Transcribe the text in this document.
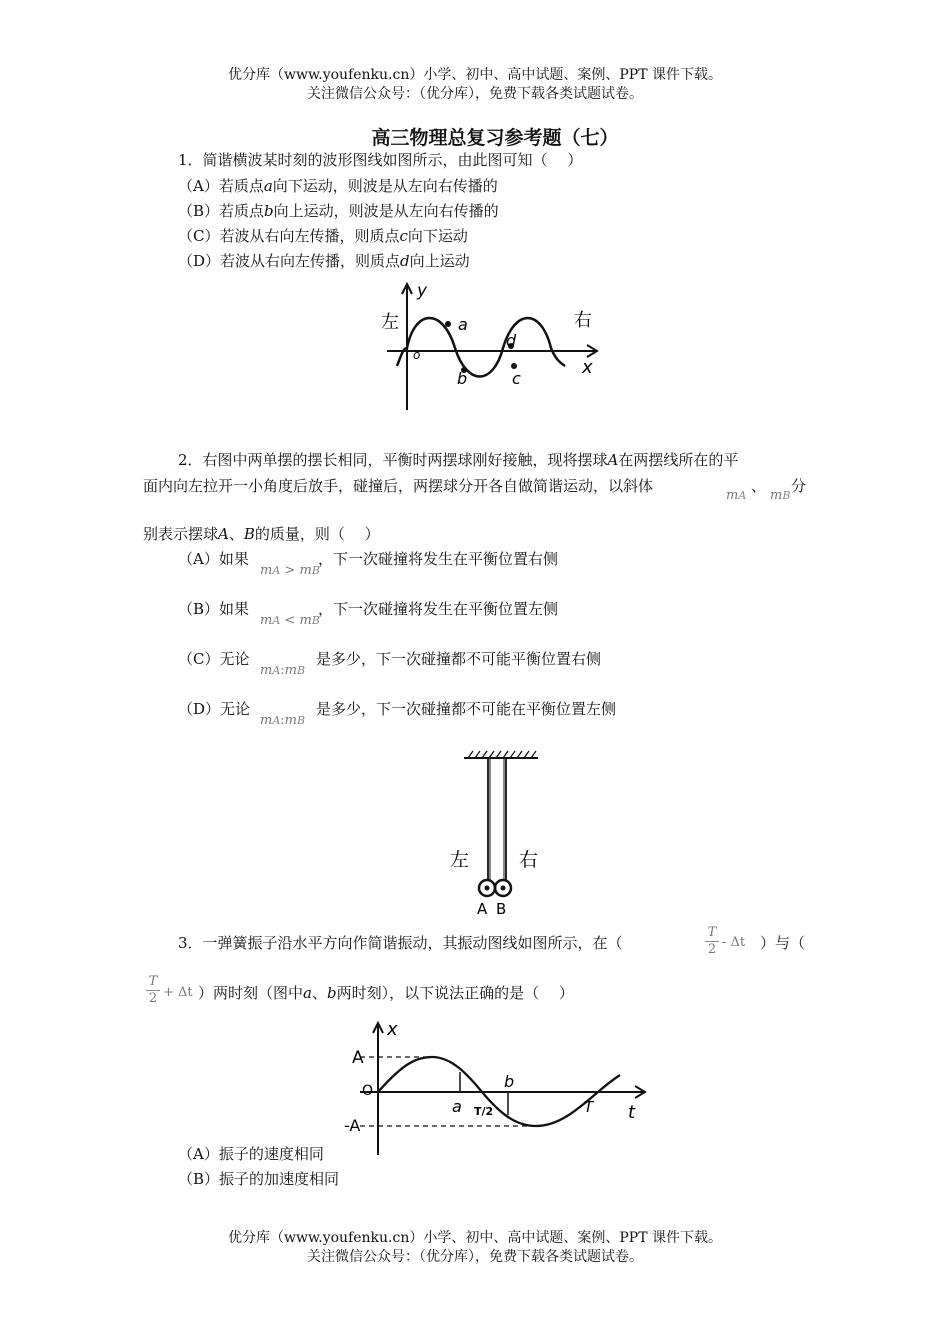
优分库（www.youfenku.cn）小学、初中、高中试题、案例、PPT 课件下载。
关注微信公众号：（优分库），免费下载各类试题试卷。
高三物理总复习参考题（七）
1．简谐横波某时刻的波形图线如图所示，由此图可知（　 ）
（A）若质点a向下运动，则波是从左向右传播的
（B）若质点b向上运动，则波是从左向右传播的
（C）若波从右向左传播，则质点c向下运动
（D）若波从右向左传播，则质点d向上运动
左	右
y
x
o
a
b	c
d
2．右图中两单摆的摆长相同，平衡时两摆球刚好接触，现将摆球A在两摆线所在的平
面内向左拉开一小角度后放手，碰撞后，两摆球分开各自做简谐运动，以斜体
mA
、
mB
分
别表示摆球A、B的质量，则（　 ）
（A）如果
mA > mB
，下一次碰撞将发生在平衡位置右侧
（B）如果
mA < mB
，下一次碰撞将发生在平衡位置左侧
（C）无论
mA:mB
是多少，下一次碰撞都不可能平衡位置右侧
（D）无论
mA:mB
是多少，下一次碰撞都不可能在平衡位置左侧
左	右
A B
3．一弹簧振子沿水平方向作简谐振动，其振动图线如图所示，在（
T
2 - Δt ）与（
T
2 + Δt ）两时刻（图中a、b两时刻），以下说法正确的是（　 ）
x
A
O
-A
a
b
T/2	T t
（A）振子的速度相同
（B）振子的加速度相同
优分库（www.youfenku.cn）小学、初中、高中试题、案例、PPT 课件下载。
关注微信公众号：（优分库），免费下载各类试题试卷。
